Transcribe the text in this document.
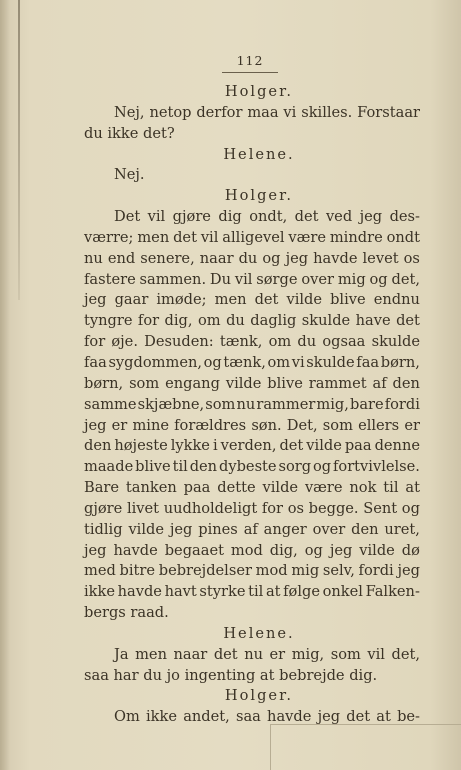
112
Holger.
Nej, netop derfor maa vi skilles. Forstaar
du ikke det?
Helene.
Nej.
Holger.
Det vil gjøre dig ondt, det ved jeg des-
værre; men det vil alligevel være mindre ondt
nu end senere, naar du og jeg havde levet os
fastere sammen. Du vil sørge over mig og det,
jeg gaar imøde; men det vilde blive endnu
tyngre for dig, om du daglig skulde have det
for øje. Desuden: tænk, om du ogsaa skulde
faa sygdommen, og tænk, om vi skulde faa børn,
børn, som engang vilde blive rammet af den
samme skjæbne, som nu rammer mig, bare fordi
jeg er mine forældres søn. Det, som ellers er
den højeste lykke i verden, det vilde paa denne
maade blive til den dybeste sorg og fortvivlelse.
Bare tanken paa dette vilde være nok til at
gjøre livet uudholdeligt for os begge. Sent og
tidlig vilde jeg pines af anger over den uret,
jeg havde begaaet mod dig, og jeg vilde dø
med bitre bebrejdelser mod mig selv, fordi jeg
ikke havde havt styrke til at følge onkel Falken-
bergs raad.
Helene.
Ja men naar det nu er mig, som vil det,
saa har du jo ingenting at bebrejde dig.
Holger.
Om ikke andet, saa havde jeg det at be-
